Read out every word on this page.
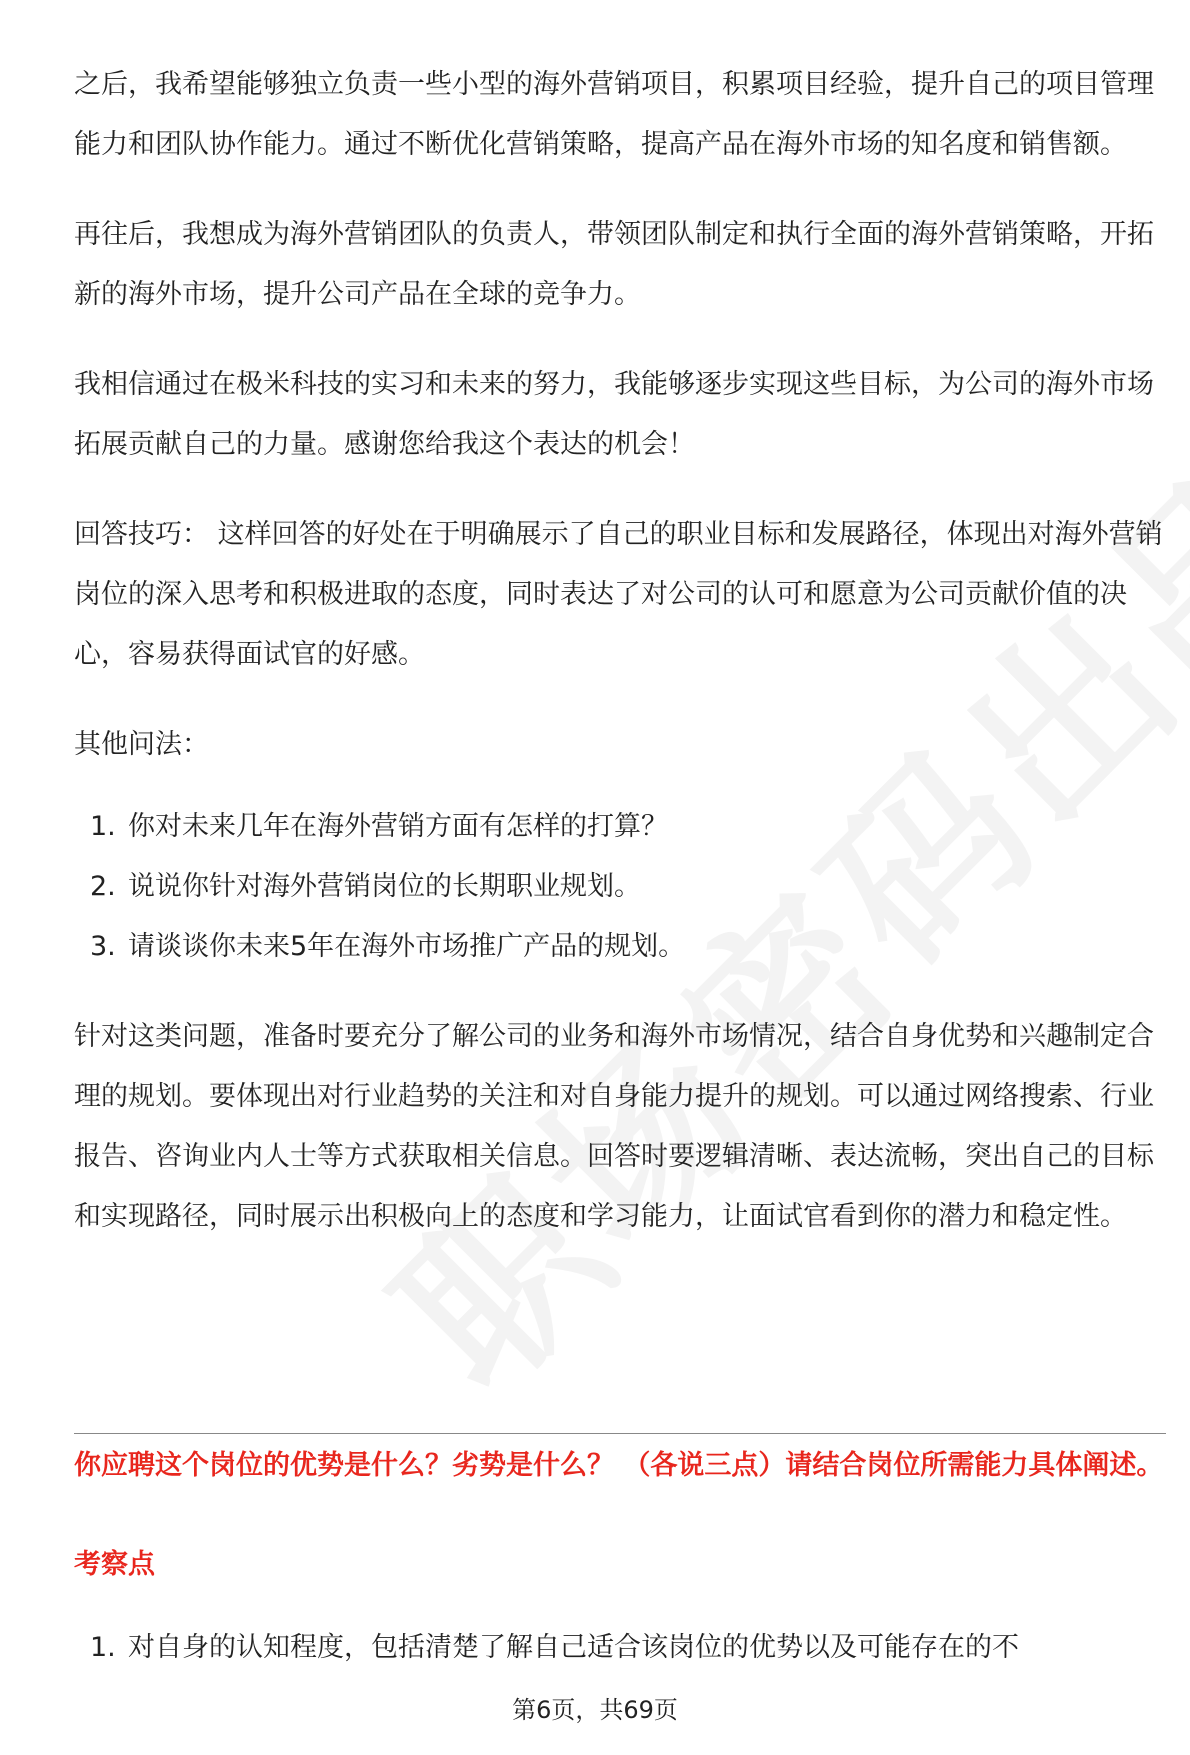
之后，我希望能够独立负责一些小型的海外营销项目，积累项目经验，提升自己的项目管理能力和团队协作能力。通过不断优化营销策略，提高产品在海外市场的知名度和销售额。

再往后，我想成为海外营销团队的负责人，带领团队制定和执行全面的海外营销策略，开拓新的海外市场，提升公司产品在全球的竞争力。

我相信通过在极米科技的实习和未来的努力，我能够逐步实现这些目标，为公司的海外市场拓展贡献自己的力量。感谢您给我这个表达的机会！

回答技巧： 这样回答的好处在于明确展示了自己的职业目标和发展路径，体现出对海外营销岗位的深入思考和积极进取的态度，同时表达了对公司的认可和愿意为公司贡献价值的决心，容易获得面试官的好感。

其他问法：

1. 你对未来几年在海外营销方面有怎样的打算？
2. 说说你针对海外营销岗位的长期职业规划。
3. 请谈谈你未来5年在海外市场推广产品的规划。

针对这类问题，准备时要充分了解公司的业务和海外市场情况，结合自身优势和兴趣制定合理的规划。要体现出对行业趋势的关注和对自身能力提升的规划。可以通过网络搜索、行业报告、咨询业内人士等方式获取相关信息。回答时要逻辑清晰、表达流畅，突出自己的目标和实现路径，同时展示出积极向上的态度和学习能力，让面试官看到你的潜力和稳定性。

你应聘这个岗位的优势是什么？劣势是什么？ （各说三点）请结合岗位所需能力具体阐述。
考察点

1. 对自身的认知程度，包括清楚了解自己适合该岗位的优势以及可能存在的不

第6页，共69页
